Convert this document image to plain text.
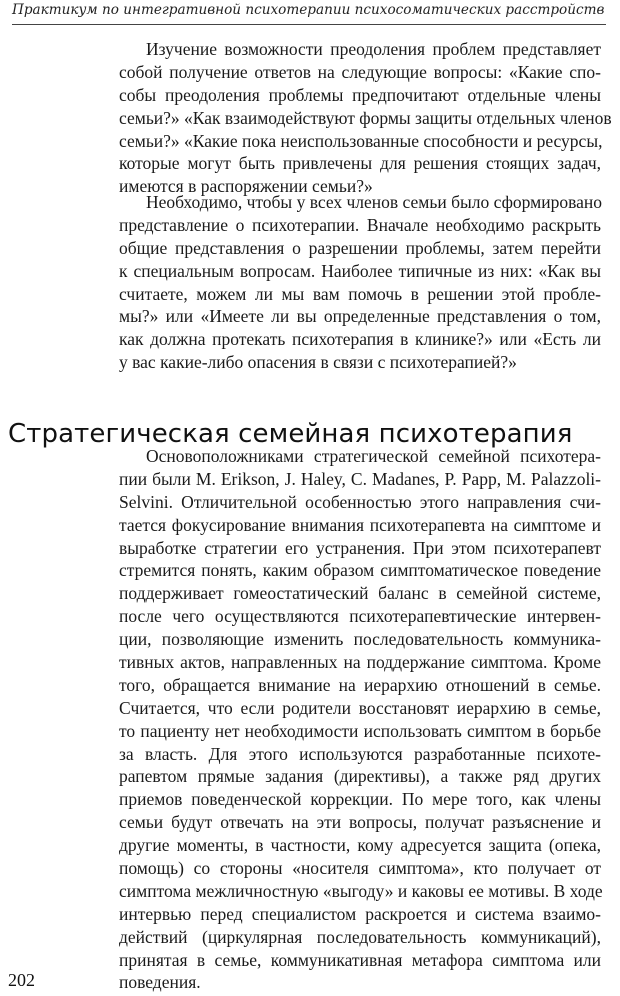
Практикум по интегративной психотерапии психосоматических расстройств
Изучение возможности преодоления проблем представляет
собой получение ответов на следующие вопросы: «Какие спо-
собы преодоления проблемы предпочитают отдельные члены
семьи?» «Как взаимодействуют формы защиты отдельных членов
семьи?» «Какие пока неиспользованные способности и ресурсы,
которые могут быть привлечены для решения стоящих задач,
имеются в распоряжении семьи?»
Необходимо, чтобы у всех членов семьи было сформировано
представление о психотерапии. Вначале необходимо раскрыть
общие представления о разрешении проблемы, затем перейти
к специальным вопросам. Наиболее типичные из них: «Как вы
считаете, можем ли мы вам помочь в решении этой пробле-
мы?» или «Имеете ли вы определенные представления о том,
как должна протекать психотерапия в клинике?» или «Есть ли
у вас какие-либо опасения в связи с психотерапией?»
Стратегическая семейная психотерапия
Основоположниками стратегической семейной психотера-
пии были M. Erikson, J. Haley, C. Madanes, P. Papp, M. Palazzoli-
Selvini. Отличительной особенностью этого направления счи-
тается фокусирование внимания психотерапевта на симптоме и
выработке стратегии его устранения. При этом психотерапевт
стремится понять, каким образом симптоматическое поведение
поддерживает гомеостатический баланс в семейной системе,
после чего осуществляются психотерапевтические интервен-
ции, позволяющие изменить последовательность коммуника-
тивных актов, направленных на поддержание симптома. Кроме
того, обращается внимание на иерархию отношений в семье.
Считается, что если родители восстановят иерархию в семье,
то пациенту нет необходимости использовать симптом в борьбе
за власть. Для этого используются разработанные психоте-
рапевтом прямые задания (директивы), а также ряд других
приемов поведенческой коррекции. По мере того, как члены
семьи будут отвечать на эти вопросы, получат разъяснение и
другие моменты, в частности, кому адресуется защита (опека,
помощь) со стороны «носителя симптома», кто получает от
симптома межличностную «выгоду» и каковы ее мотивы. В ходе
интервью перед специалистом раскроется и система взаимо-
действий (циркулярная последовательность коммуникаций),
принятая в семье, коммуникативная метафора симптома или
поведения.
202
